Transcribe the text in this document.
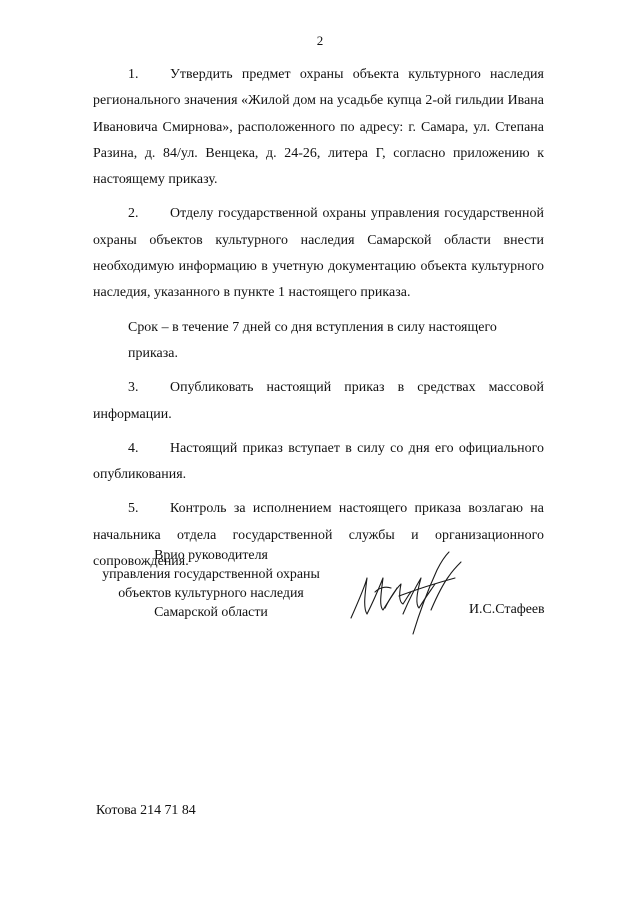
2

1. Утвердить предмет охраны объекта культурного наследия регионального значения «Жилой дом на усадьбе купца 2-ой гильдии Ивана Ивановича Смирнова», расположенного по адресу: г. Самара, ул. Степана Разина, д. 84/ул. Венцека, д. 24-26, литера Г, согласно приложению к настоящему приказу.

2. Отделу государственной охраны управления государственной охраны объектов культурного наследия Самарской области внести необходимую информацию в учетную документацию объекта культурного наследия, указанного в пункте 1 настоящего приказа.

Срок – в течение 7 дней со дня вступления в силу настоящего
приказа.

3. Опубликовать настоящий приказ в средствах массовой информации.

4. Настоящий приказ вступает в силу со дня его официального опубликования.

5. Контроль за исполнением настоящего приказа возлагаю на начальника отдела государственной службы и организационного сопровождения.

Врио руководителя
управления государственной охраны
объектов культурного наследия
Самарской области	И.С.Стафеев
Котова 214 71 84
